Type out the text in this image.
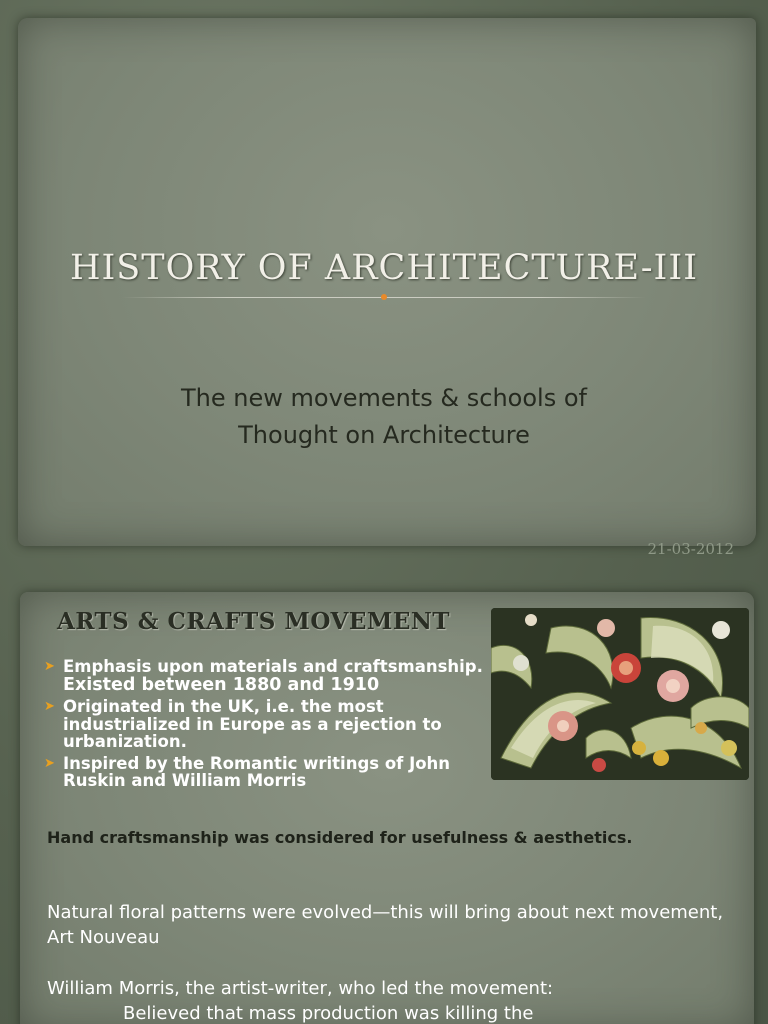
HISTORY OF ARCHITECTURE-III

The new movements & schools of
Thought on Architecture

21-03-2012
ARTS & CRAFTS MOVEMENT
➤ Emphasis upon materials and craftsmanship. Existed between 1880 and 1910
➤ Originated in the UK, i.e. the most industrialized in Europe as a rejection to urbanization.
➤ Inspired by the Romantic writings of John Ruskin and William Morris

Hand craftsmanship was considered for usefulness & aesthetics.

Natural floral patterns were evolved—this will bring about next movement, Art Nouveau

William Morris, the artist-writer, who led the movement:
Believed that mass production was killing the
